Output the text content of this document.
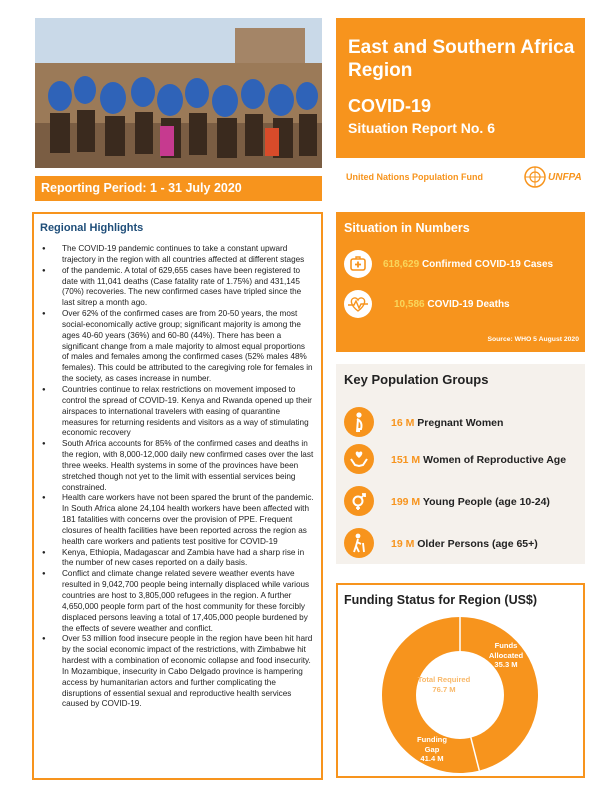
East and Southern Africa Region
COVID-19
Situation Report No. 6
United Nations Population Fund	UNFPA
Reporting Period: 1 - 31 July 2020
Regional Highlights
● The COVID-19 pandemic continues to take a constant upward trajectory in the region with all countries affected at different stages
● of the pandemic. A total of 629,655 cases have been registered to date with 11,041 deaths (Case fatality rate of 1.75%) and 431,145 (70%) recoveries. The new confirmed cases have tripled since the last sitrep a month ago.
● Over 62% of the confirmed cases are from 20-50 years, the most social-economically active group; significant majority is among the ages 40-60 years (36%) and 60-80 (44%). There has been a significant change from a male majority to almost equal proportions of males and females among the confirmed cases (52% males 48% females). This could be attributed to the caregiving role for females in the society, as cases increase in number.
● Countries continue to relax restrictions on movement imposed to control the spread of COVID-19. Kenya and Rwanda opened up their airspaces to international travelers with easing of quarantine measures for returning residents and visitors as a way of stimulating economic recovery
● South Africa accounts for 85% of the confirmed cases and deaths in the region, with 8,000-12,000 daily new confirmed cases over the last three weeks. Health systems in some of the provinces have been stretched though not yet to the limit with essential services being constrained.
● Health care workers have not been spared the brunt of the pandemic. In South Africa alone 24,104 health workers have been affected with 181 fatalities with concerns over the provision of PPE. Frequent closures of health facilities have been reported across the region as health care workers and patients test positive for COVID-19
● Kenya, Ethiopia, Madagascar and Zambia have had a sharp rise in the number of new cases reported on a daily basis.
● Conflict and climate change related severe weather events have resulted in 9,042,700 people being internally displaced while various countries are host to 3,805,000 refugees in the region. A further 4,650,000 people form part of the host community for these forcibly displaced persons leaving a total of 17,405,000 people burdened by the effects of severe weather and conflict.
● Over 53 million food insecure people in the region have been hit hard by the social economic impact of the restrictions, with Zimbabwe hit hardest with a combination of economic collapse and food insecurity. In Mozambique, insecurity in Cabo Delgado province is hampering access by humanitarian actors and further complicating the disruptions of essential sexual and reproductive health services caused by COVID-19.
Situation in Numbers
618,629 Confirmed COVID-19 Cases
10,586 COVID-19 Deaths
Source: WHO 5 August 2020
Key Population Groups
16 M Pregnant Women
151 M Women of Reproductive Age
199 M Young People (age 10-24)
19 M Older Persons (age 65+)
Funding Status for Region (US$)
Funds Allocated
35.3 M
Total Required
76.7 M
Funding Gap
41.4 M
